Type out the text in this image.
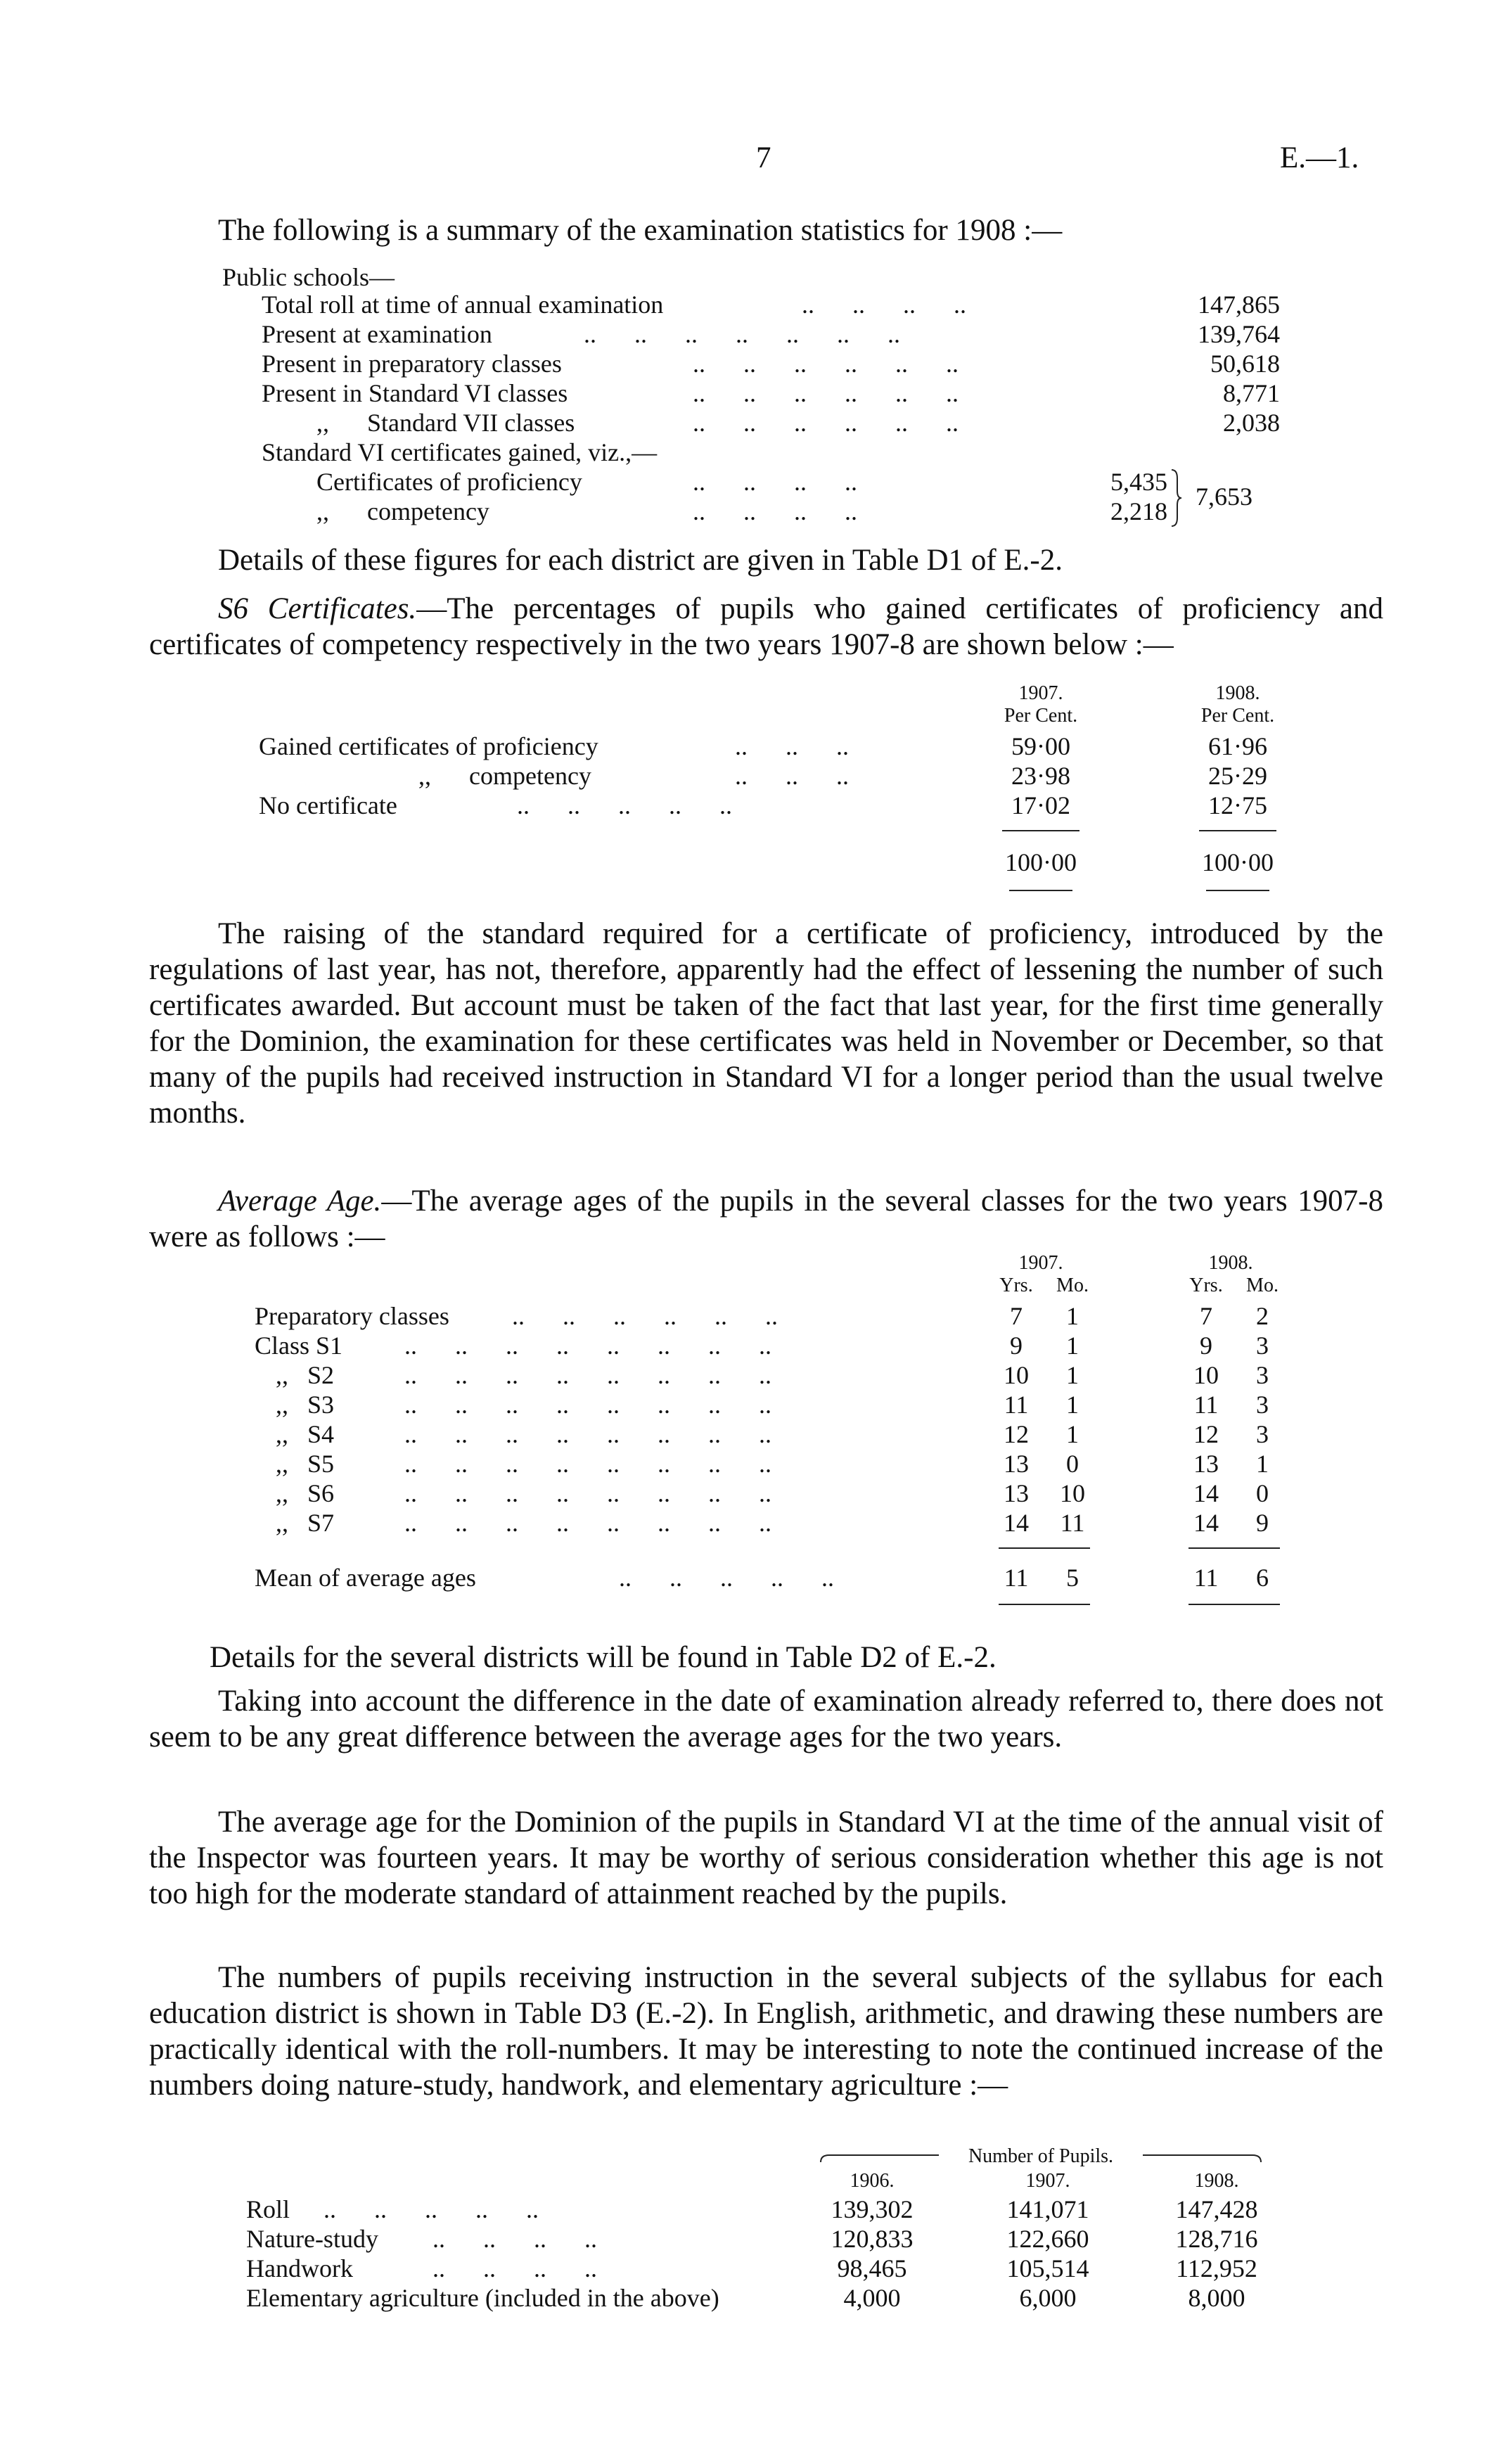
7	E.—1.
The following is a summary of the examination statistics for 1908 :—
Public schools—
Total roll at time of annual examination	..      ..      ..      ..	147,865
Present at examination	..      ..      ..      ..      ..      ..      ..	139,764
Present in preparatory classes	..      ..      ..      ..      ..      ..	50,618
Present in Standard VI classes	..      ..      ..      ..      ..      ..	8,771
,,      Standard VII classes	..      ..      ..      ..      ..      ..	2,038
Standard VI certificates gained, viz.,—
Certificates of proficiency	..      ..      ..      ..	5,435
,,      competency	..      ..      ..      ..	2,218
7,653
Details of these figures for each district are given in Table D1 of E.-2.

S6 Certificates.—The percentages of pupils who gained certificates of proficiency and certificates of competency respectively in the two years 1907-8 are shown below :—

1907.	1908.
Per Cent.	Per Cent.
Gained certificates of proficiency	..      ..      ..	59·00	61·96
,,      competency	..      ..      ..	23·98	25·29
No certificate	..      ..      ..      ..      ..	17·02	12·75
100·00	100·00

The raising of the standard required for a certificate of proficiency, introduced by the regulations of last year, has not, therefore, apparently had the effect of lessening the number of such certificates awarded. But account must be taken of the fact that last year, for the first time generally for the Dominion, the examination for these certificates was held in November or December, so that many of the pupils had received instruction in Standard VI for a longer period than the usual twelve months.

Average Age.—The average ages of the pupils in the several classes for the two years 1907-8 were as follows :—

1907.	1908.
Yrs.	Mo.	Yrs.	Mo.
Preparatory classes ..      ..      ..      ..      ..      ..	7	1	7	2
Class S1 ..      ..      ..      ..      ..      ..      ..      ..	9	1	9	3
,,   S2	..      ..      ..      ..      ..      ..      ..      ..	10	1	10	3
,,   S3	..      ..      ..      ..      ..      ..      ..      ..	11	1	11	3
,,   S4	..      ..      ..      ..      ..      ..      ..      ..	12	1	12	3
,,   S5	..      ..      ..      ..      ..      ..      ..      ..	13	0	13	1
,,   S6	..      ..      ..      ..      ..      ..      ..      ..	13	10	14	0
,,   S7	..      ..      ..      ..      ..      ..      ..      ..	14	11	14	9
Mean of average ages	..      ..      ..      ..      ..	11	5	11	6
Details for the several districts will be found in Table D2 of E.-2.

Taking into account the difference in the date of examination already referred to, there does not seem to be any great difference between the average ages for the two years.

The average age for the Dominion of the pupils in Standard VI at the time of the annual visit of the Inspector was fourteen years. It may be worthy of serious consideration whether this age is not too high for the moderate standard of attainment reached by the pupils.

The numbers of pupils receiving instruction in the several subjects of the syllabus for each education district is shown in Table D3 (E.-2). In English, arithmetic, and drawing these numbers are practically identical with the roll-numbers. It may be interesting to note the continued increase of the numbers doing nature-study, handwork, and elementary agriculture :—

Number of Pupils.
1906.	1907.	1908.
Roll ..      ..      ..      ..      ..	139,302	141,071	147,428
Nature-study ..      ..      ..      ..	120,833	122,660	128,716
Handwork	..      ..      ..      ..	98,465	105,514	112,952
Elementary agriculture (included in the above)	4,000	6,000	8,000
